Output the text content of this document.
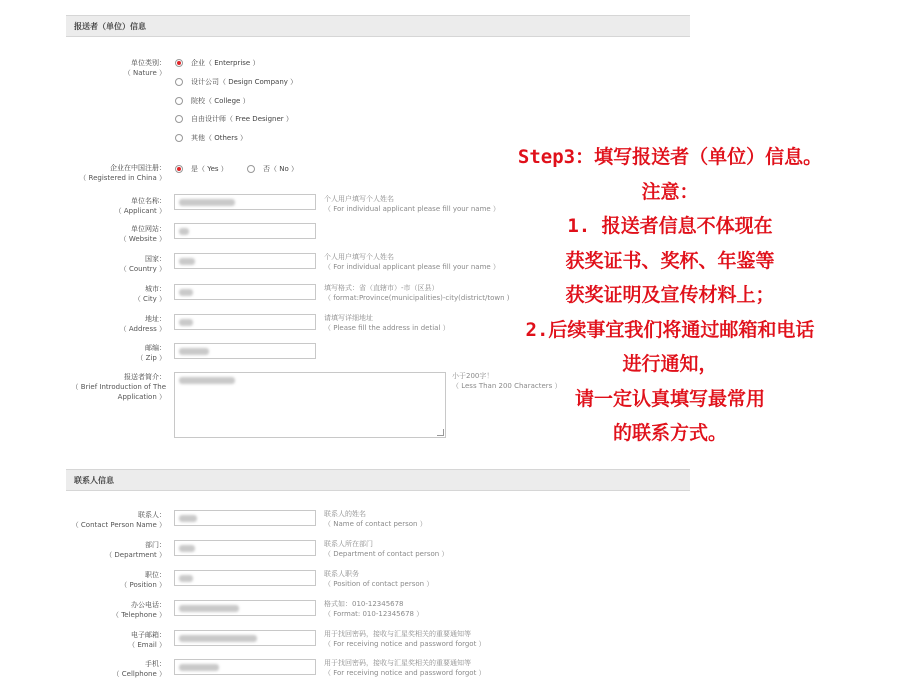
报送者（单位）信息
单位类别：
（ Nature ）
企业（ Enterprise ）
设计公司（ Design Company ）
院校（ College ）
自由设计师（ Free Designer ）
其他（ Others ）
企业在中国注册：
（ Registered in China ）
是（ Yes ）	否（ No ）
单位名称：
（ Applicant ）
个人用户填写个人姓名
（ For individual applicant please fill your name ）
单位网站：
（ Website ）
国家：
（ Country ）
个人用户填写个人姓名
（ For individual applicant please fill your name ）
城市：
（ City ）
填写格式：省（直辖市）-市（区县）
（ format:Province(municipalities)-city(district/town )
地址：
（ Address ）
请填写详细地址
（ Please fill the address in detial ）
邮编：
（ Zip ）
报送者简介：
（ Brief Introduction of The
Application ）
小于200字！
（ Less Than 200 Characters ）
联系人信息
联系人：
（ Contact Person Name ）
联系人的姓名
（ Name of contact person ）
部门：
（ Department ）
联系人所在部门
（ Department of contact person ）
职位：
（ Position ）
联系人职务
（ Position of contact person ）
办公电话：
（ Telephone ）
格式如：010-12345678
（ Format: 010-12345678 ）
电子邮箱：
（ Email ）
用于找回密码，接收与汇星奖相关的重要通知等
（ For receiving notice and password forgot ）
手机：
（ Cellphone ）
用于找回密码，接收与汇星奖相关的重要通知等
（ For receiving notice and password forgot ）
Step3：填写报送者（单位）信息。
注意：
1. 报送者信息不体现在
获奖证书、奖杯、年鉴等
获奖证明及宣传材料上；
2.后续事宜我们将通过邮箱和电话
进行通知，
请一定认真填写最常用
的联系方式。
